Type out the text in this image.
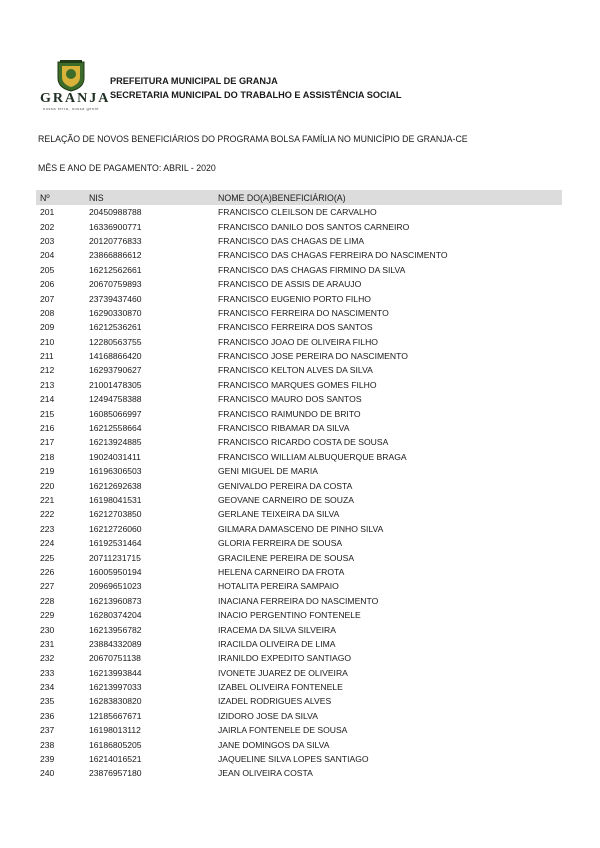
GRANJA
nossa terra, nossa gente
PREFEITURA MUNICIPAL DE GRANJA
SECRETARIA MUNICIPAL DO TRABALHO E ASSISTÊNCIA SOCIAL
RELAÇÃO DE NOVOS BENEFICIÁRIOS DO PROGRAMA BOLSA FAMÍLIA NO MUNICÍPIO DE GRANJA-CE
MÊS E ANO DE PAGAMENTO: ABRIL - 2020
Nº	NIS	NOME DO(A)BENEFICIÁRIO(A)
201	20450988788	FRANCISCO CLEILSON DE CARVALHO
202	16336900771	FRANCISCO DANILO DOS SANTOS CARNEIRO
203	20120776833	FRANCISCO DAS CHAGAS DE LIMA
204	23866886612	FRANCISCO DAS CHAGAS FERREIRA DO NASCIMENTO
205	16212562661	FRANCISCO DAS CHAGAS FIRMINO DA SILVA
206	20670759893	FRANCISCO DE ASSIS DE ARAUJO
207	23739437460	FRANCISCO EUGENIO PORTO FILHO
208	16290330870	FRANCISCO FERREIRA DO NASCIMENTO
209	16212536261	FRANCISCO FERREIRA DOS SANTOS
210	12280563755	FRANCISCO JOAO DE OLIVEIRA FILHO
211	14168866420	FRANCISCO JOSE PEREIRA DO NASCIMENTO
212	16293790627	FRANCISCO KELTON ALVES DA SILVA
213	21001478305	FRANCISCO MARQUES GOMES FILHO
214	12494758388	FRANCISCO MAURO DOS SANTOS
215	16085066997	FRANCISCO RAIMUNDO DE BRITO
216	16212558664	FRANCISCO RIBAMAR DA SILVA
217	16213924885	FRANCISCO RICARDO COSTA DE SOUSA
218	19024031411	FRANCISCO WILLIAM ALBUQUERQUE BRAGA
219	16196306503	GENI MIGUEL DE MARIA
220	16212692638	GENIVALDO PEREIRA DA COSTA
221	16198041531	GEOVANE CARNEIRO DE SOUZA
222	16212703850	GERLANE TEIXEIRA DA SILVA
223	16212726060	GILMARA DAMASCENO DE PINHO SILVA
224	16192531464	GLORIA FERREIRA DE SOUSA
225	20711231715	GRACILENE PEREIRA DE SOUSA
226	16005950194	HELENA CARNEIRO DA FROTA
227	20969651023	HOTALITA PEREIRA SAMPAIO
228	16213960873	INACIANA FERREIRA DO NASCIMENTO
229	16280374204	INACIO PERGENTINO FONTENELE
230	16213956782	IRACEMA DA SILVA SILVEIRA
231	23884332089	IRACILDA OLIVEIRA DE LIMA
232	20670751138	IRANILDO EXPEDITO SANTIAGO
233	16213993844	IVONETE JUAREZ DE OLIVEIRA
234	16213997033	IZABEL OLIVEIRA FONTENELE
235	16283830820	IZADEL RODRIGUES ALVES
236	12185667671	IZIDORO JOSE DA SILVA
237	16198013112	JAIRLA FONTENELE DE SOUSA
238	16186805205	JANE DOMINGOS DA SILVA
239	16214016521	JAQUELINE SILVA LOPES SANTIAGO
240	23876957180	JEAN OLIVEIRA COSTA
